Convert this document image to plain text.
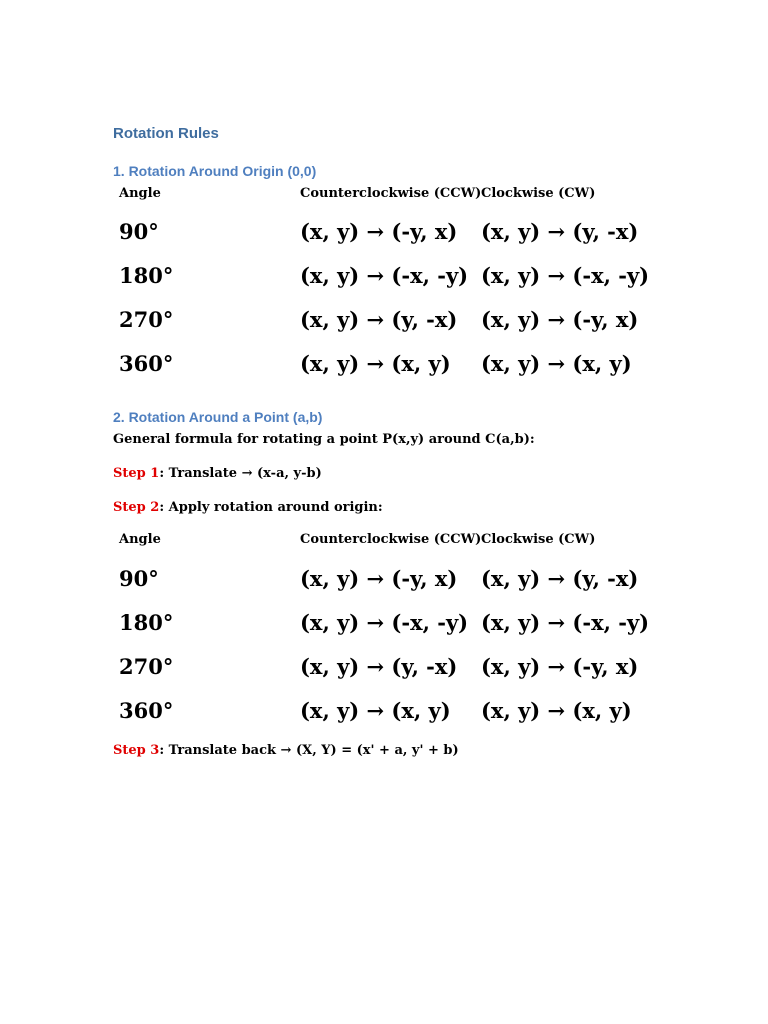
Rotation Rules
1. Rotation Around Origin (0,0)
Angle	Counterclockwise (CCW) Clockwise (CW)
90°	(x, y) → (-y, x) (x, y) → (y, -x)
180°	(x, y) → (-x, -y) (x, y) → (-x, -y)
270°	(x, y) → (y, -x) (x, y) → (-y, x)
360°	(x, y) → (x, y) (x, y) → (x, y)
2. Rotation Around a Point (a,b)
General formula for rotating a point P(x,y) around C(a,b):
Step 1: Translate → (x-a, y-b)
Step 2: Apply rotation around origin:
Angle	Counterclockwise (CCW) Clockwise (CW)
90°	(x, y) → (-y, x) (x, y) → (y, -x)
180°	(x, y) → (-x, -y) (x, y) → (-x, -y)
270°	(x, y) → (y, -x) (x, y) → (-y, x)
360°	(x, y) → (x, y) (x, y) → (x, y)
Step 3: Translate back → (X, Y) = (x' + a, y' + b)
